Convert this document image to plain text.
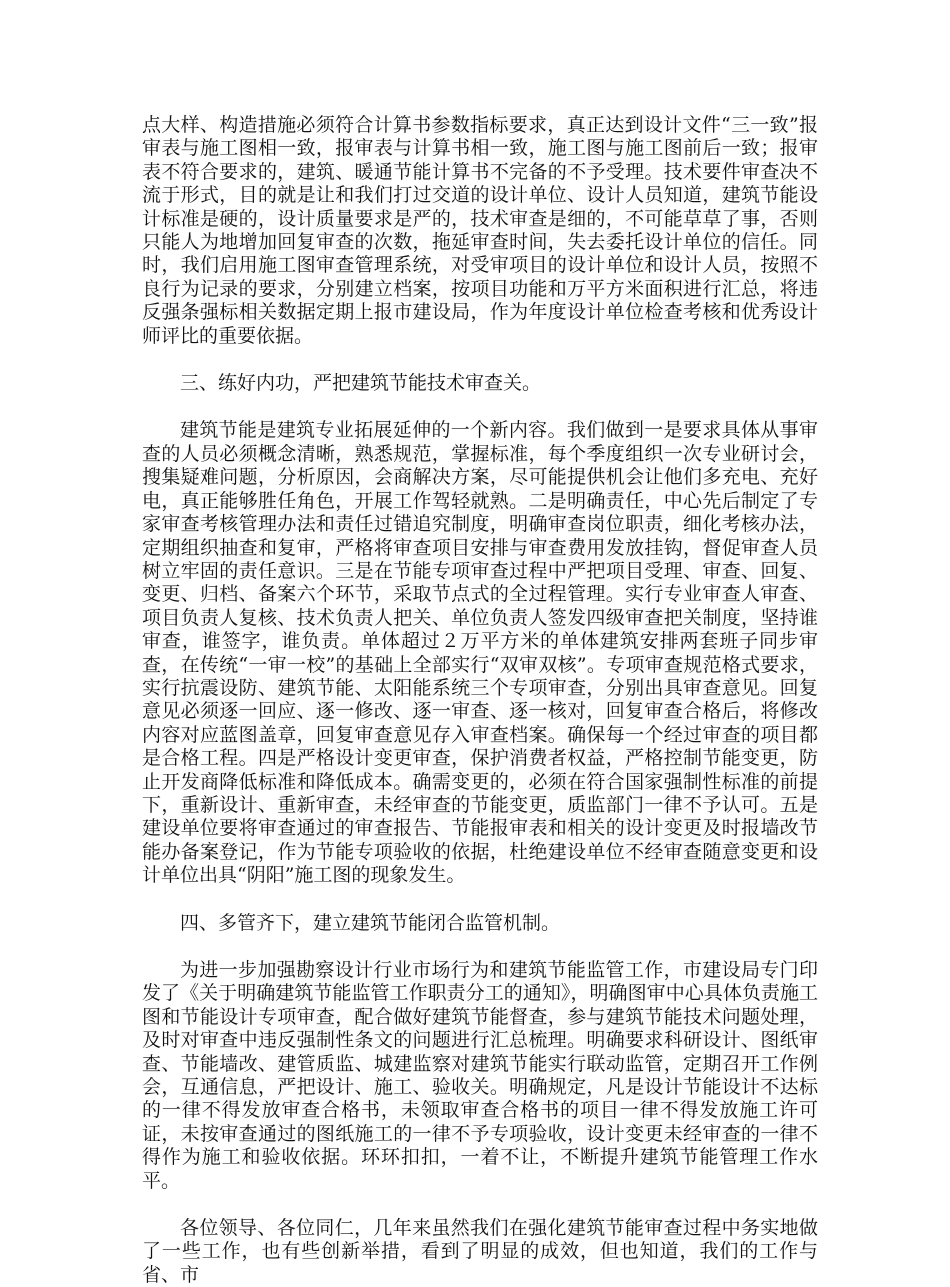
点大样、构造措施必须符合计算书参数指标要求，真正达到设计文件“三一致”报审表与施工图相一致，报审表与计算书相一致，施工图与施工图前后一致；报审表不符合要求的，建筑、暖通节能计算书不完备的不予受理。技术要件审查决不流于形式，目的就是让和我们打过交道的设计单位、设计人员知道，建筑节能设计标准是硬的，设计质量要求是严的，技术审查是细的，不可能草草了事，否则只能人为地增加回复审查的次数，拖延审查时间，失去委托设计单位的信任。同时，我们启用施工图审查管理系统，对受审项目的设计单位和设计人员，按照不良行为记录的要求，分别建立档案，按项目功能和万平方米面积进行汇总，将违反强条强标相关数据定期上报市建设局，作为年度设计单位检查考核和优秀设计师评比的重要依据。

三、练好内功，严把建筑节能技术审查关。

建筑节能是建筑专业拓展延伸的一个新内容。我们做到一是要求具体从事审查的人员必须概念清晰，熟悉规范，掌握标准，每个季度组织一次专业研讨会，搜集疑难问题，分析原因，会商解决方案，尽可能提供机会让他们多充电、充好电，真正能够胜任角色，开展工作驾轻就熟。二是明确责任，中心先后制定了专家审查考核管理办法和责任过错追究制度，明确审查岗位职责，细化考核办法，定期组织抽查和复审，严格将审查项目安排与审查费用发放挂钩，督促审查人员树立牢固的责任意识。三是在节能专项审查过程中严把项目受理、审查、回复、变更、归档、备案六个环节，采取节点式的全过程管理。实行专业审查人审查、项目负责人复核、技术负责人把关、单位负责人签发四级审查把关制度，坚持谁审查，谁签字，谁负责。单体超过２万平方米的单体建筑安排两套班子同步审查，在传统“一审一校”的基础上全部实行“双审双核”。专项审查规范格式要求，实行抗震设防、建筑节能、太阳能系统三个专项审查，分别出具审查意见。回复意见必须逐一回应、逐一修改、逐一审查、逐一核对，回复审查合格后，将修改内容对应蓝图盖章，回复审查意见存入审查档案。确保每一个经过审查的项目都是合格工程。四是严格设计变更审查，保护消费者权益，严格控制节能变更，防止开发商降低标准和降低成本。确需变更的，必须在符合国家强制性标准的前提下，重新设计、重新审查，未经审查的节能变更，质监部门一律不予认可。五是建设单位要将审查通过的审查报告、节能报审表和相关的设计变更及时报墙改节能办备案登记，作为节能专项验收的依据，杜绝建设单位不经审查随意变更和设计单位出具“阴阳”施工图的现象发生。

四、多管齐下，建立建筑节能闭合监管机制。

为进一步加强勘察设计行业市场行为和建筑节能监管工作，市建设局专门印发了《关于明确建筑节能监管工作职责分工的通知》，明确图审中心具体负责施工图和节能设计专项审查，配合做好建筑节能督查，参与建筑节能技术问题处理，及时对审查中违反强制性条文的问题进行汇总梳理。明确要求科研设计、图纸审查、节能墙改、建管质监、城建监察对建筑节能实行联动监管，定期召开工作例会，互通信息，严把设计、施工、验收关。明确规定，凡是设计节能设计不达标的一律不得发放审查合格书，未领取审查合格书的项目一律不得发放施工许可证，未按审查通过的图纸施工的一律不予专项验收，设计变更未经审查的一律不得作为施工和验收依据。环环扣扣，一着不让，不断提升建筑节能管理工作水平。

各位领导、各位同仁，几年来虽然我们在强化建筑节能审查过程中务实地做了一些工作，也有些创新举措，看到了明显的成效，但也知道，我们的工作与省、市
